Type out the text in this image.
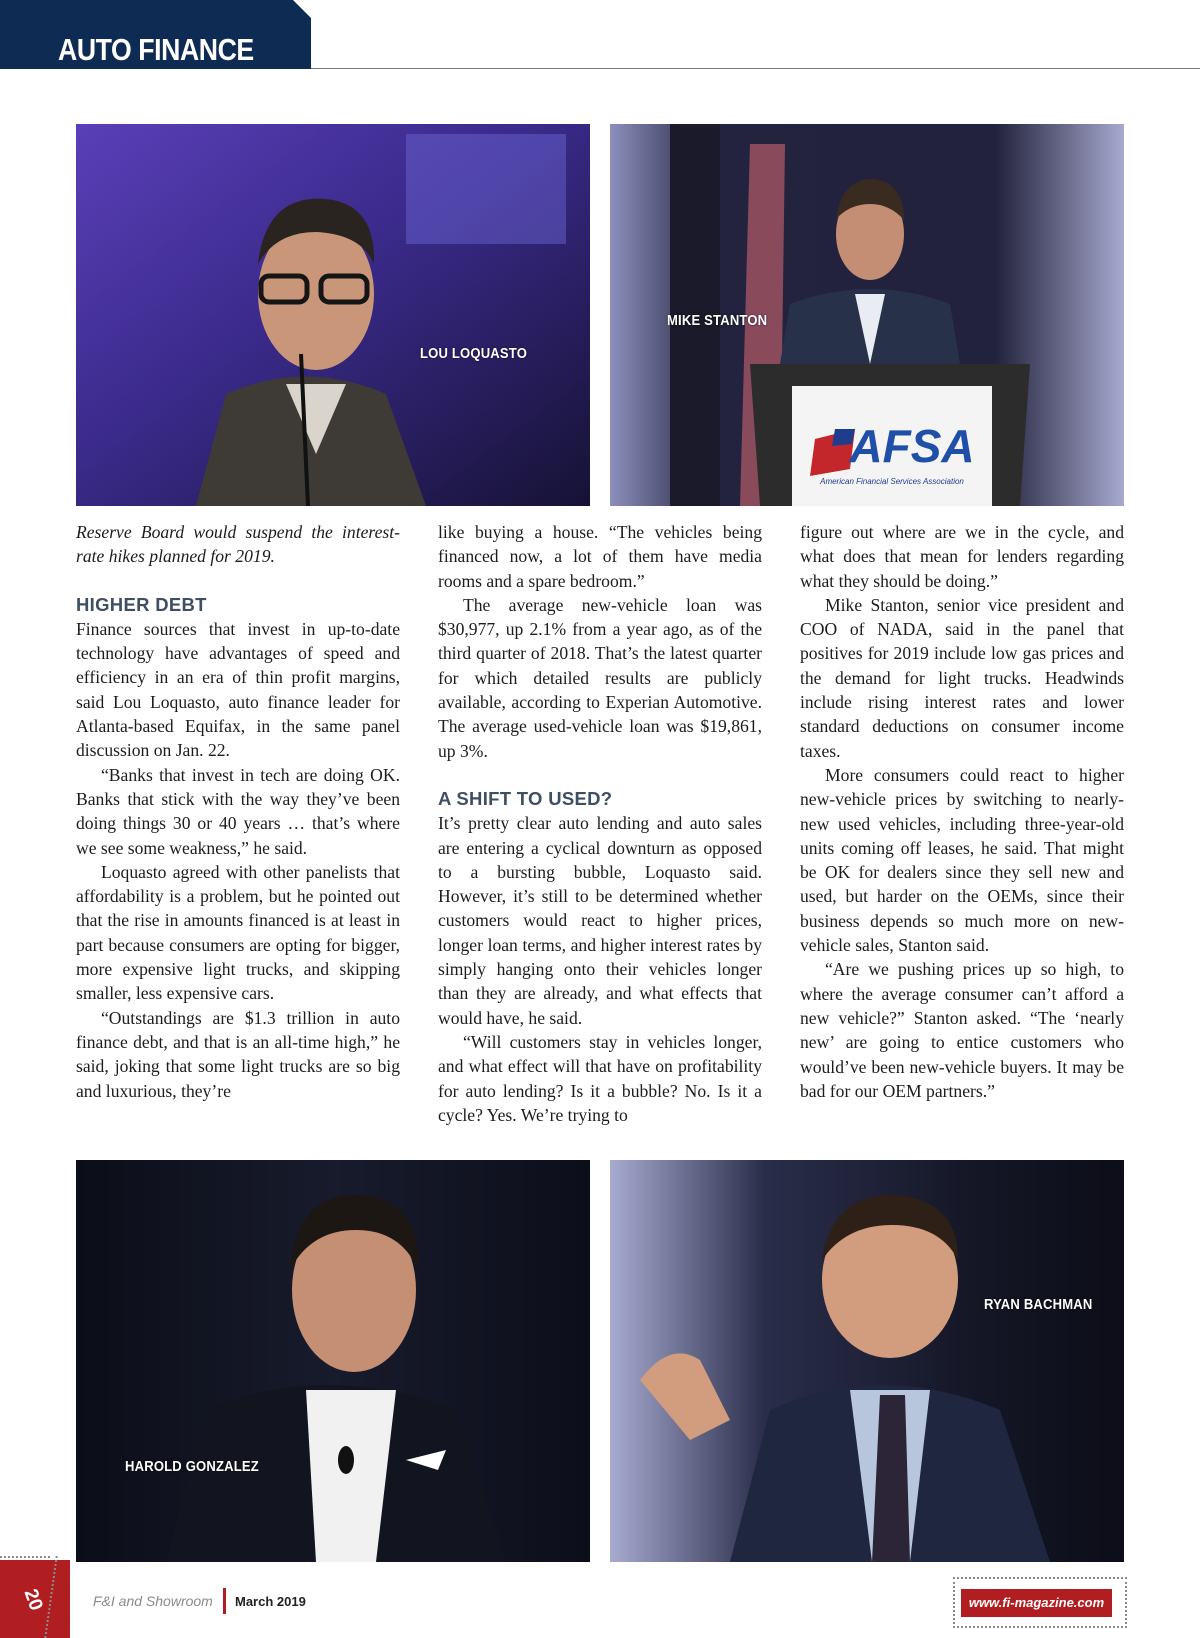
AUTO FINANCE
LOU LOQUASTO
AFSA
American Financial Services Association
MIKE STANTON

Reserve Board would suspend the interest-rate hikes planned for 2019.

HIGHER DEBT

Finance sources that invest in up-to-date technology have advantages of speed and efficiency in an era of thin profit margins, said Lou Loquasto, auto finance leader for Atlanta-based Equifax, in the same panel discussion on Jan. 22.

“Banks that invest in tech are doing OK. Banks that stick with the way they’ve been doing things 30 or 40 years … that’s where we see some weakness,” he said.

Loquasto agreed with other panelists that affordability is a problem, but he pointed out that the rise in amounts financed is at least in part because consumers are opting for bigger, more expensive light trucks, and skipping smaller, less expensive cars.

“Outstandings are $1.3 trillion in auto finance debt, and that is an all-time high,” he said, joking that some light trucks are so big and luxurious, they’re

like buying a house. “The vehicles being financed now, a lot of them have media rooms and a spare bedroom.”

The average new-vehicle loan was $30,977, up 2.1% from a year ago, as of the third quarter of 2018. That’s the latest quarter for which detailed results are publicly available, according to Experian Automotive. The average used-vehicle loan was $19,861, up 3%.

A SHIFT TO USED?

It’s pretty clear auto lending and auto sales are entering a cyclical downturn as opposed to a bursting bubble, Loquasto said. However, it’s still to be determined whether customers would react to higher prices, longer loan terms, and higher interest rates by simply hanging onto their vehicles longer than they are already, and what effects that would have, he said.

“Will customers stay in vehicles longer, and what effect will that have on profitability for auto lending? Is it a bubble? No. Is it a cycle? Yes. We’re trying to

figure out where are we in the cycle, and what does that mean for lenders regarding what they should be doing.”

Mike Stanton, senior vice president and COO of NADA, said in the panel that positives for 2019 include low gas prices and the demand for light trucks. Headwinds include rising interest rates and lower standard deductions on consumer income taxes.

More consumers could react to higher new-vehicle prices by switching to nearly-new used vehicles, including three-year-old units coming off leases, he said. That might be OK for dealers since they sell new and used, but harder on the OEMs, since their business depends so much more on new-vehicle sales, Stanton said.

“Are we pushing prices up so high, to where the average consumer can’t afford a new vehicle?” Stanton asked. “The ‘nearly new’ are going to entice customers who would’ve been new-vehicle buyers. It may be bad for our OEM partners.”

HAROLD GONZALEZ
RYAN BACHMAN
20	F&I and Showroom March 2019	www.fi-magazine.com
